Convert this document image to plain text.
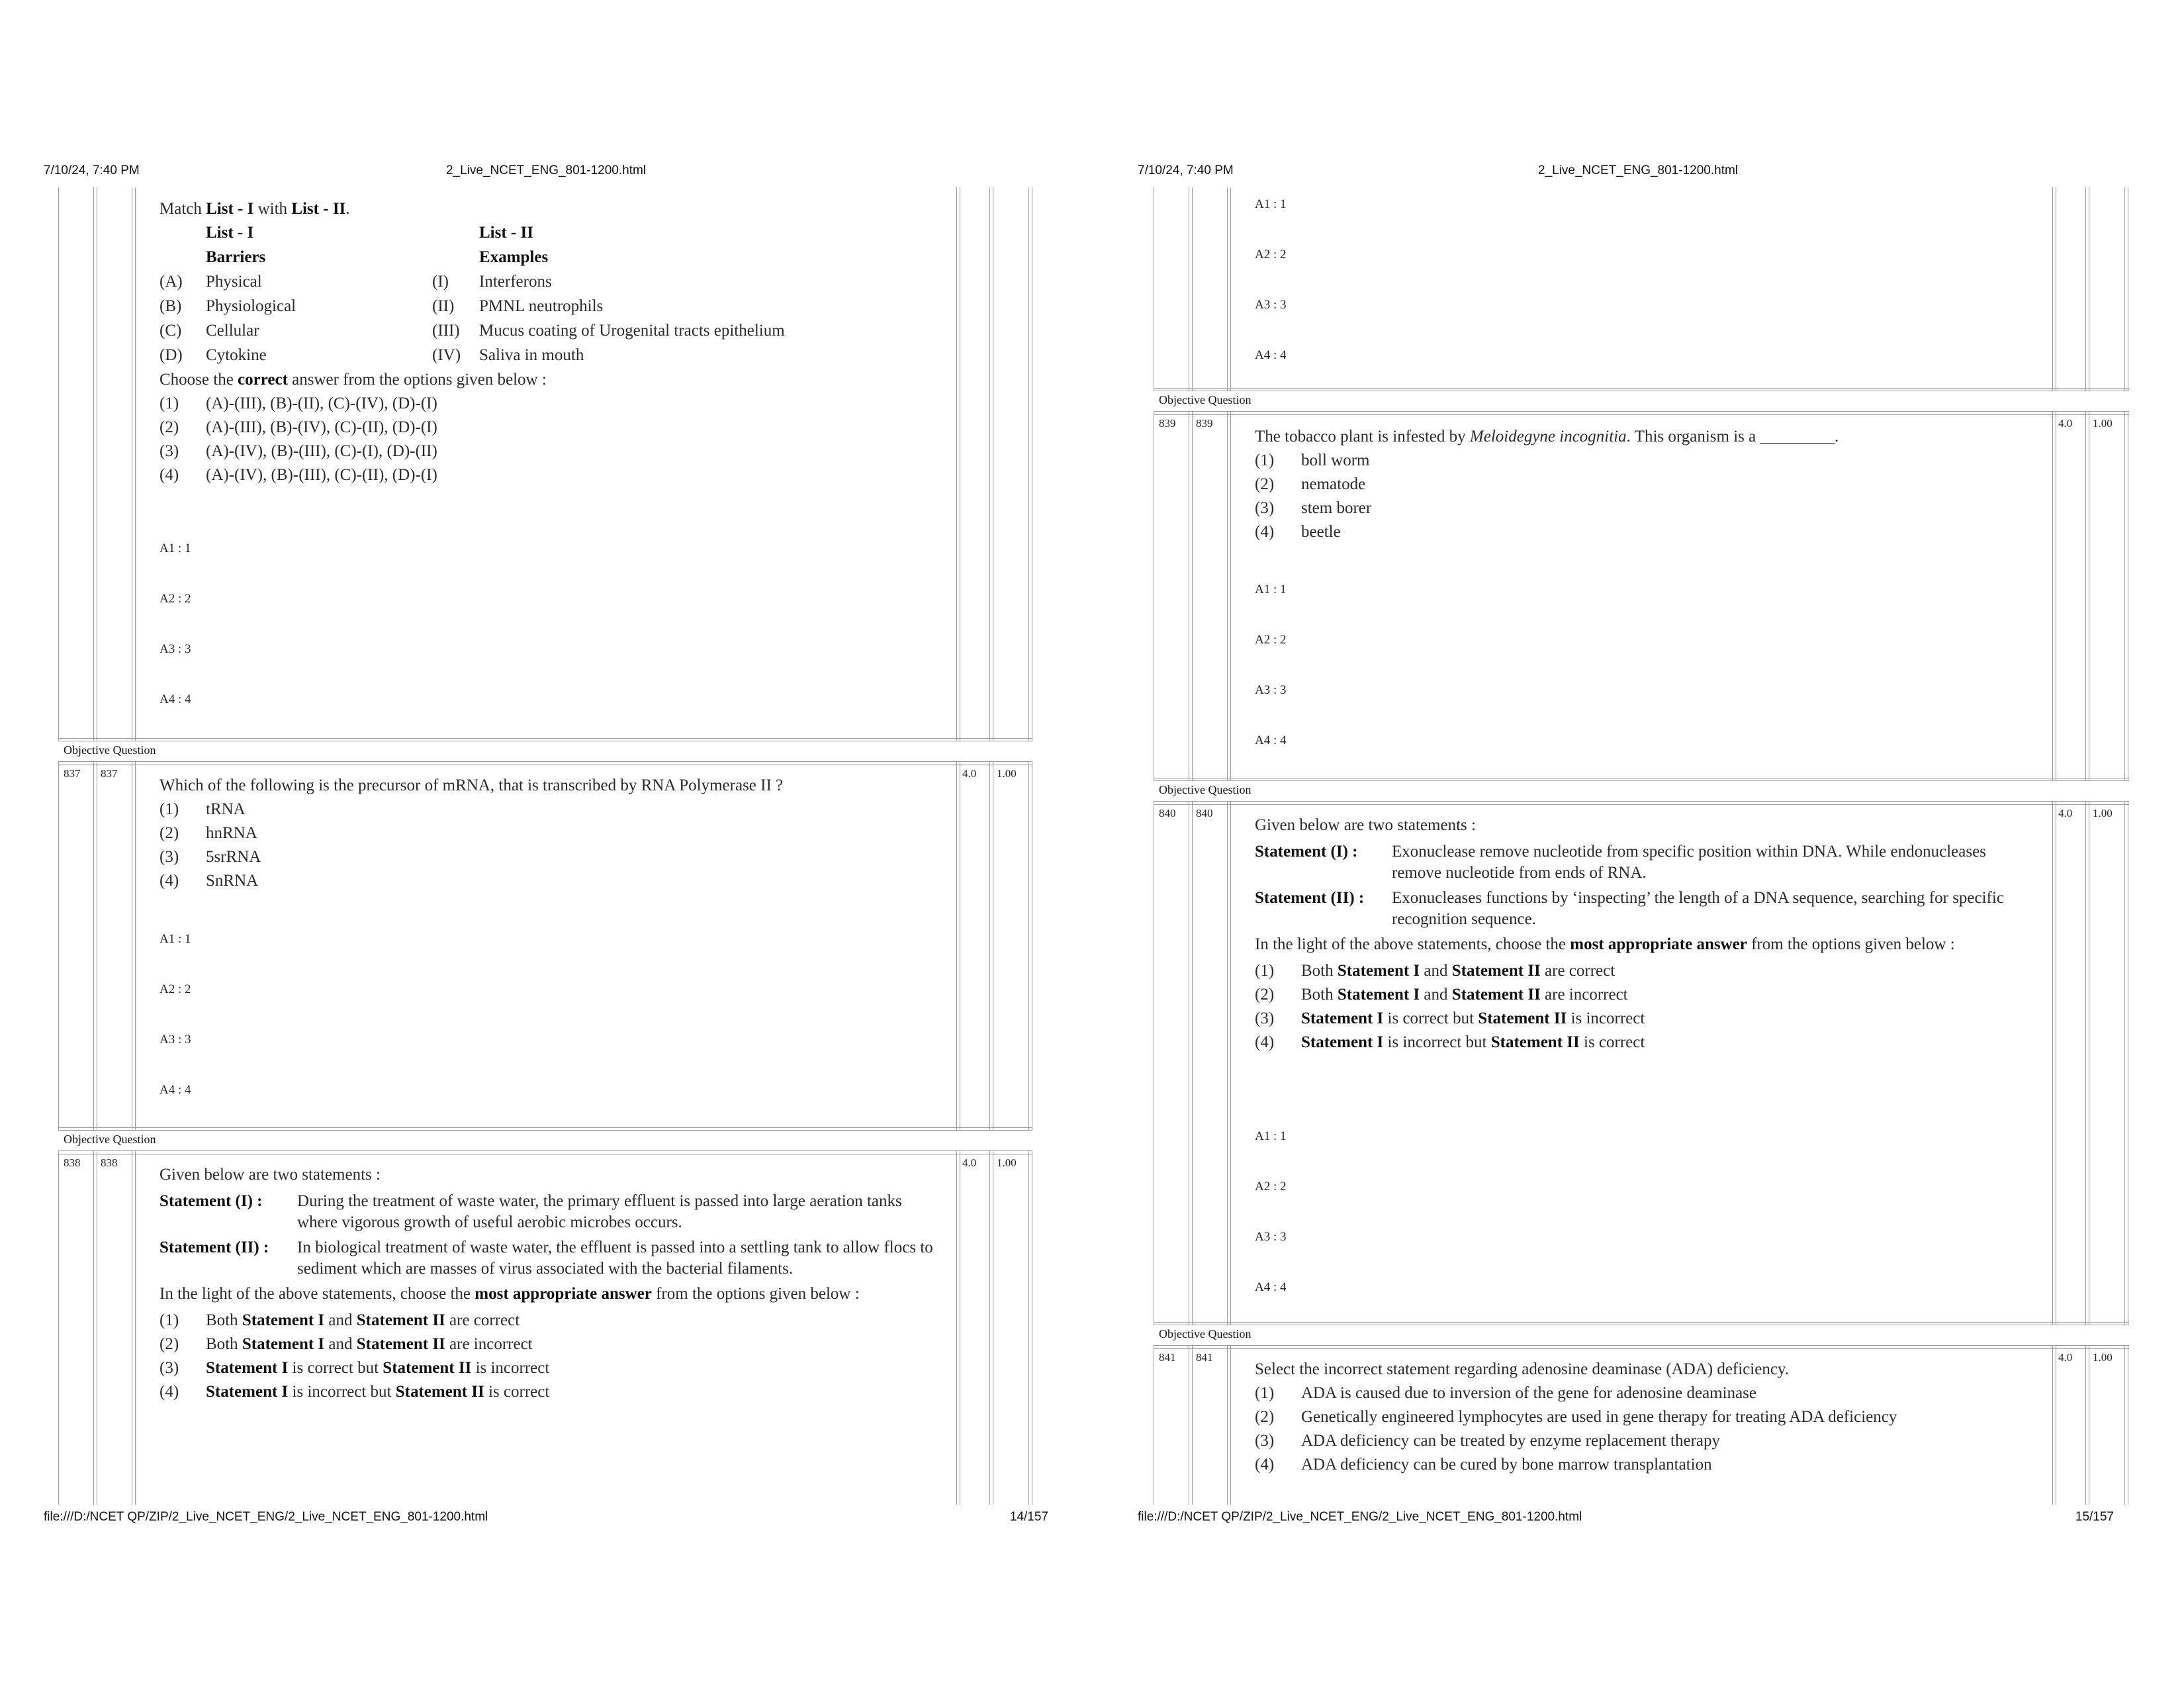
7/10/24, 7:40 PM	2_Live_NCET_ENG_801-1200.html
Match List - I with List - II.
List - I	List - II
Barriers	Examples
(A) Physical	(I) Interferons
(B) Physiological	(II) PMNL neutrophils
(C) Cellular	(III) Mucus coating of Urogenital tracts epithelium
(D) Cytokine	(IV) Saliva in mouth
Choose the correct answer from the options given below :
(1)	(A)-(III), (B)-(II), (C)-(IV), (D)-(I)
(2)	(A)-(III), (B)-(IV), (C)-(II), (D)-(I)
(3)	(A)-(IV), (B)-(III), (C)-(I), (D)-(II)
(4)	(A)-(IV), (B)-(III), (C)-(II), (D)-(I)
A1 : 1
A2 : 2
A3 : 3
A4 : 4
Objective Question
837 837	4.0 1.00
Which of the following is the precursor of mRNA, that is transcribed by RNA Polymerase II ?
(1)	tRNA
(2)	hnRNA
(3)	5srRNA
(4)	SnRNA
A1 : 1
A2 : 2
A3 : 3
A4 : 4
Objective Question
838 838	4.0 1.00
Given below are two statements :
Statement (I) :	During the treatment of waste water, the primary effluent is passed into large aeration tanks where vigorous growth of useful aerobic microbes occurs.
Statement (II) :	In biological treatment of waste water, the effluent is passed into a settling tank to allow flocs to sediment which are masses of virus associated with the bacterial filaments.
In the light of the above statements, choose the most appropriate answer from the options given below :
(1)	Both Statement I and Statement II are correct
(2)	Both Statement I and Statement II are incorrect
(3)	Statement I is correct but Statement II is incorrect
(4)	Statement I is incorrect but Statement II is correct
file:///D:/NCET QP/ZIP/2_Live_NCET_ENG/2_Live_NCET_ENG_801-1200.html	14/157
7/10/24, 7:40 PM	2_Live_NCET_ENG_801-1200.html
A1 : 1
A2 : 2
A3 : 3
A4 : 4
Objective Question
839 839	4.0 1.00
The tobacco plant is infested by Meloidegyne incognitia. This organism is a _________.
(1)	boll worm
(2)	nematode
(3)	stem borer
(4)	beetle
A1 : 1
A2 : 2
A3 : 3
A4 : 4
Objective Question
840 840	4.0 1.00
Given below are two statements :
Statement (I) :	Exonuclease remove nucleotide from specific position within DNA. While endonucleases remove nucleotide from ends of RNA.
Statement (II) :	Exonucleases functions by ‘inspecting’ the length of a DNA sequence, searching for specific recognition sequence.
In the light of the above statements, choose the most appropriate answer from the options given below :
(1)	Both Statement I and Statement II are correct
(2)	Both Statement I and Statement II are incorrect
(3)	Statement I is correct but Statement II is incorrect
(4)	Statement I is incorrect but Statement II is correct
A1 : 1
A2 : 2
A3 : 3
A4 : 4
Objective Question
841 841	4.0 1.00
Select the incorrect statement regarding adenosine deaminase (ADA) deficiency.
(1)	ADA is caused due to inversion of the gene for adenosine deaminase
(2)	Genetically engineered lymphocytes are used in gene therapy for treating ADA deficiency
(3)	ADA deficiency can be treated by enzyme replacement therapy
(4)	ADA deficiency can be cured by bone marrow transplantation
file:///D:/NCET QP/ZIP/2_Live_NCET_ENG/2_Live_NCET_ENG_801-1200.html	15/157
